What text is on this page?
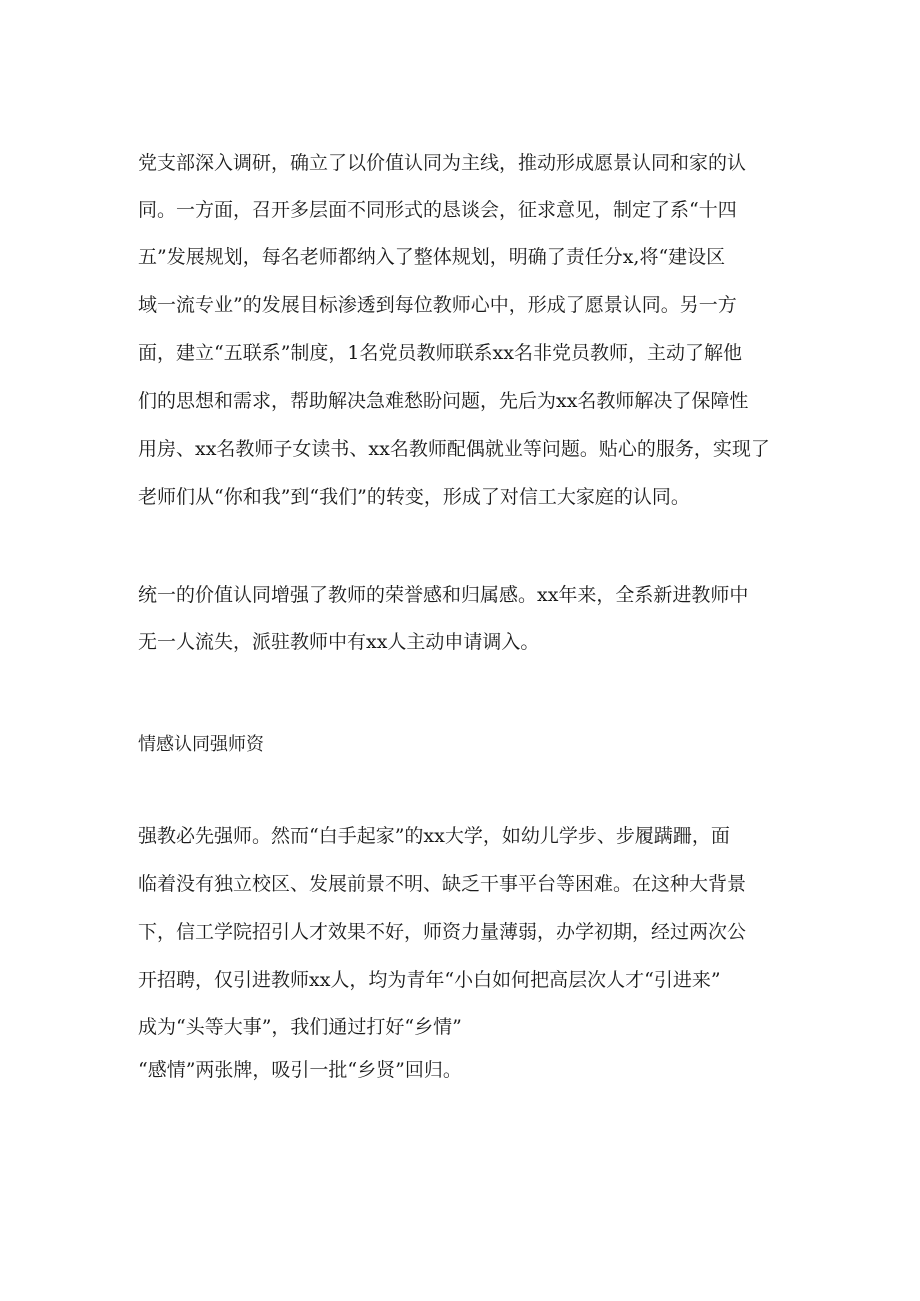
党支部深入调研，确立了以价值认同为主线，推动形成愿景认同和家的认
同。一方面，召开多层面不同形式的恳谈会，征求意见，制定了系“十四
五”发展规划，每名老师都纳入了整体规划，明确了责任分x,将“建设区
域一流专业”的发展目标渗透到每位教师心中，形成了愿景认同。另一方
面，建立“五联系”制度，1名党员教师联系xx名非党员教师，主动了解他
们的思想和需求，帮助解决急难愁盼问题，先后为xx名教师解决了保障性
用房、xx名教师子女读书、xx名教师配偶就业等问题。贴心的服务，实现了
老师们从“你和我”到“我们”的转变，形成了对信工大家庭的认同。
统一的价值认同增强了教师的荣誉感和归属感。xx年来，全系新进教师中
无一人流失，派驻教师中有xx人主动申请调入。
情感认同强师资
强教必先强师。然而“白手起家”的xx大学，如幼儿学步、步履蹒跚，面
临着没有独立校区、发展前景不明、缺乏干事平台等困难。在这种大背景
下，信工学院招引人才效果不好，师资力量薄弱，办学初期，经过两次公
开招聘，仅引进教师xx人，均为青年“小白如何把高层次人才“引进来”
成为“头等大事”，我们通过打好“乡情”
“感情”两张牌，吸引一批“乡贤”回归。
